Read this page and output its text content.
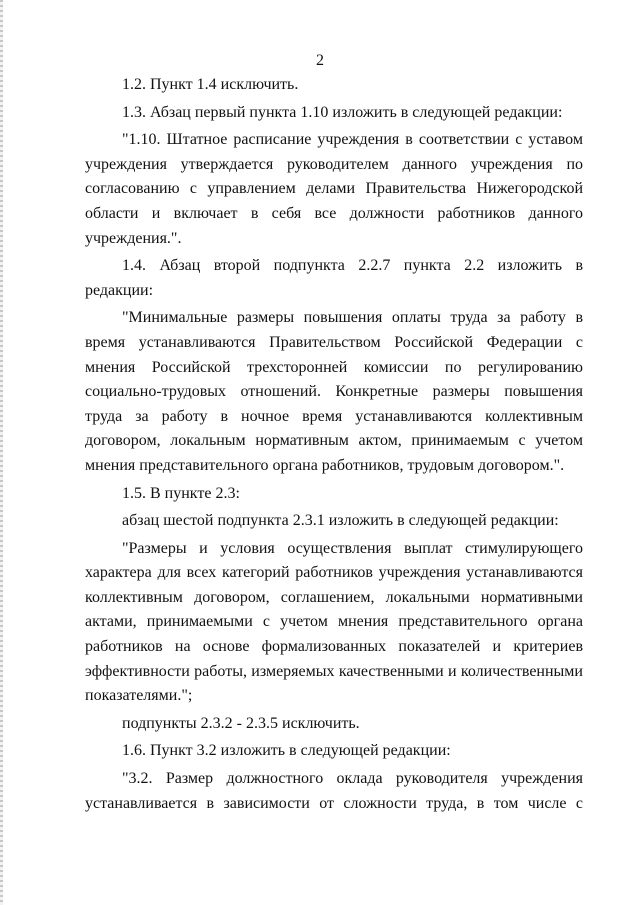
2
1.2. Пункт 1.4 исключить.
1.3. Абзац первый пункта 1.10 изложить в следующей редакции:
"1.10. Штатное расписание учреждения в соответствии с уставом
учреждения утверждается руководителем данного учреждения по
согласованию с управлением делами Правительства Нижегородской
области и включает в себя все должности работников данного
учреждения.".
1.4. Абзац второй подпункта 2.2.7 пункта 2.2 изложить в
редакции:
"Минимальные размеры повышения оплаты труда за работу в
время устанавливаются Правительством Российской Федерации с
мнения Российской трехсторонней комиссии по регулированию
социально-трудовых отношений. Конкретные размеры повышения
труда за работу в ночное время устанавливаются коллективным
договором, локальным нормативным актом, принимаемым с учетом
мнения представительного органа работников, трудовым договором.".
1.5. В пункте 2.3:
абзац шестой подпункта 2.3.1 изложить в следующей редакции:
"Размеры и условия осуществления выплат стимулирующего
характера для всех категорий работников учреждения устанавливаются
коллективным договором, соглашением, локальными нормативными
актами, принимаемыми с учетом мнения представительного органа
работников на основе формализованных показателей и критериев
эффективности работы, измеряемых качественными и количественными
показателями.";
подпункты 2.3.2 - 2.3.5 исключить.
1.6. Пункт 3.2 изложить в следующей редакции:
"3.2. Размер должностного оклада руководителя учреждения
устанавливается в зависимости от сложности труда, в том числе с
